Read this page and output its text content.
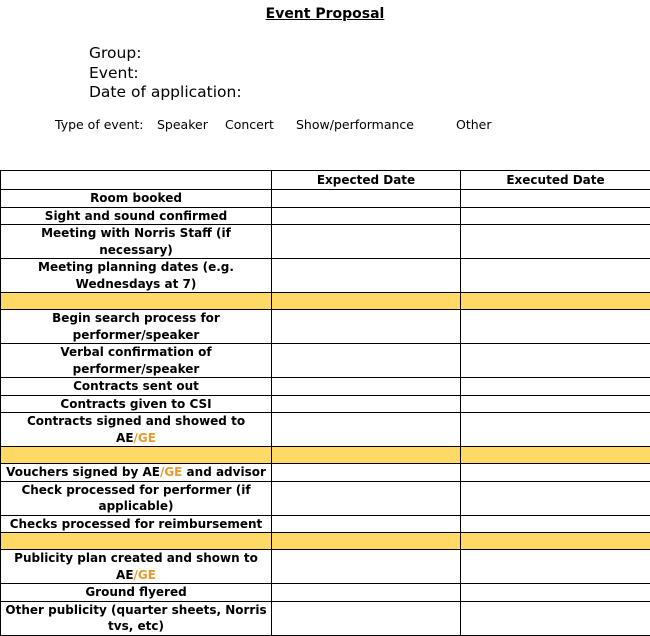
Event Proposal
Group:
Event:
Date of application:
Type of event: Speaker Concert Show/performance	Other
	Expected Date	Executed Date
Room booked		
Sight and sound confirmed		
Meeting with Norris Staff (if necessary)		
Meeting planning dates (e.g. Wednesdays at 7)		

Begin search process for performer/speaker		
Verbal confirmation of performer/speaker		
Contracts sent out		
Contracts given to CSI		
Contracts signed and showed to AE/GE		

Vouchers signed by AE/GE and advisor		
Check processed for performer (if applicable)		
Checks processed for reimbursement		

Publicity plan created and shown to AE/GE		
Ground flyered		
Other publicity (quarter sheets, Norris tvs, etc)		
